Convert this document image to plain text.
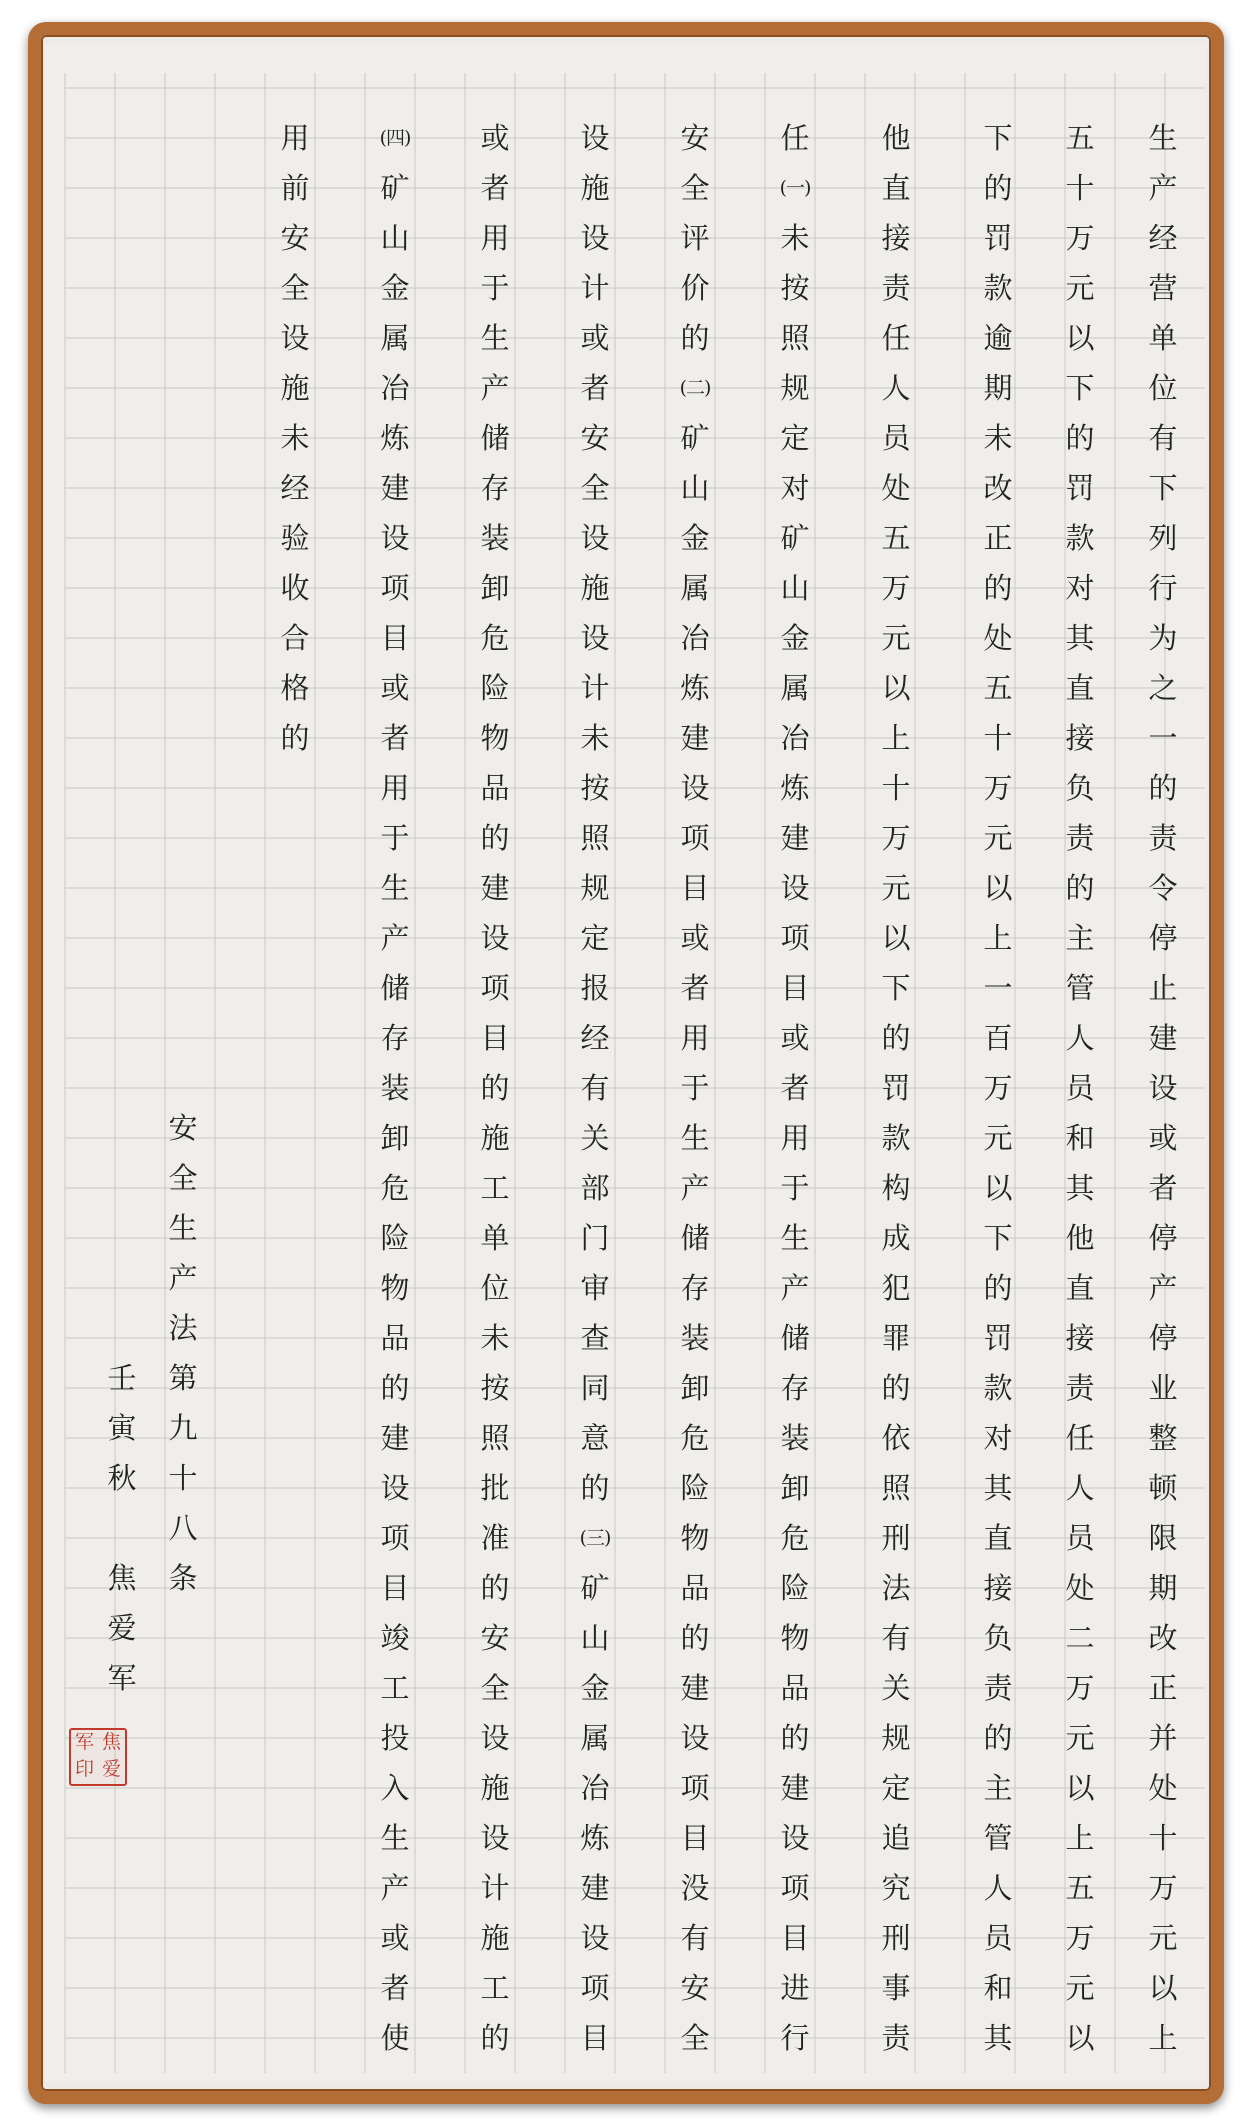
生
产
经
营
单
位
有
下
列
行
为
之
一
的
责
令
停
止
建
设
或
者
停
产
停
业
整
顿
限
期
改
正
并
处
十
万
元
以
上
五
十
万
元
以
下
的
罚
款
对
其
直
接
负
责
的
主
管
人
员
和
其
他
直
接
责
任
人
员
处
二
万
元
以
上
五
万
元
以
下
的
罚
款
逾
期
未
改
正
的
处
五
十
万
元
以
上
一
百
万
元
以
下
的
罚
款
对
其
直
接
负
责
的
主
管
人
员
和
其
他
直
接
责
任
人
员
处
五
万
元
以
上
十
万
元
以
下
的
罚
款
构
成
犯
罪
的
依
照
刑
法
有
关
规
定
追
究
刑
事
责
任
(一)
未
按
照
规
定
对
矿
山
金
属
冶
炼
建
设
项
目
或
者
用
于
生
产
储
存
装
卸
危
险
物
品
的
建
设
项
目
进
行
安
全
评
价
的
(二)
矿
山
金
属
冶
炼
建
设
项
目
或
者
用
于
生
产
储
存
装
卸
危
险
物
品
的
建
设
项
目
没
有
安
全
设
施
设
计
或
者
安
全
设
施
设
计
未
按
照
规
定
报
经
有
关
部
门
审
查
同
意
的
(三)
矿
山
金
属
冶
炼
建
设
项
目
或
者
用
于
生
产
储
存
装
卸
危
险
物
品
的
建
设
项
目
的
施
工
单
位
未
按
照
批
准
的
安
全
设
施
设
计
施
工
的
(四)
矿
山
金
属
冶
炼
建
设
项
目
或
者
用
于
生
产
储
存
装
卸
危
险
物
品
的
建
设
项
目
竣
工
投
入
生
产
或
者
使
用
前
安
全
设
施
未
经
验
收
合
格
的
安
全
生
产
法
第
九
十
八
条
壬
寅
秋
焦
爱
军
军 焦
印 爱
